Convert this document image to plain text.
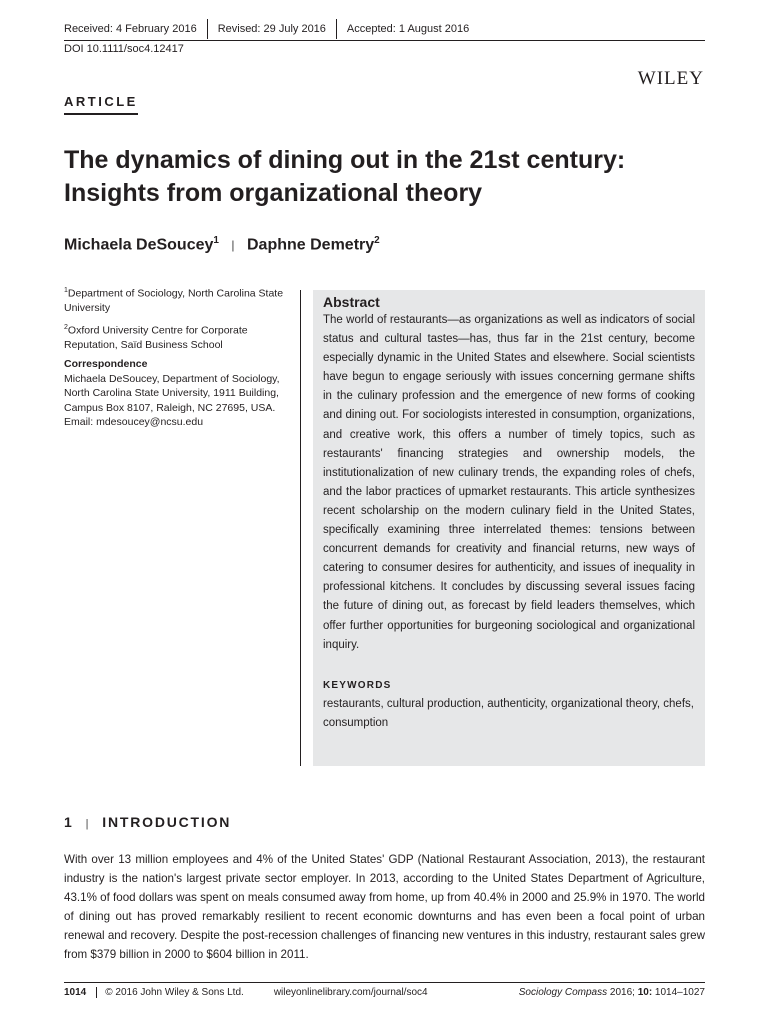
Received: 4 February 2016	Revised: 29 July 2016	Accepted: 1 August 2016
DOI 10.1111/soc4.12417
WILEY
ARTICLE
The dynamics of dining out in the 21st century:
Insights from organizational theory
Michaela DeSoucey$^1$ | Daphne Demetry$^2$

$^1$Department of Sociology, North Carolina State University

$^2$Oxford University Centre for Corporate Reputation, Saïd Business School

Correspondence

Michaela DeSoucey, Department of Sociology, North Carolina State University, 1911 Building, Campus Box 8107, Raleigh, NC 27695, USA.
Email: mdesoucey@ncsu.edu

Abstract

The world of restaurants—as organizations as well as indicators of social status and cultural tastes—has, thus far in the 21st century, become especially dynamic in the United States and elsewhere. Social scientists have begun to engage seriously with issues concerning germane shifts in the culinary profession and the emergence of new forms of cooking and dining out. For sociologists interested in consumption, organizations, and creative work, this offers a number of timely topics, such as restaurants' financing strategies and ownership models, the institutionalization of new culinary trends, the expanding roles of chefs, and the labor practices of upmarket restaurants. This article synthesizes recent scholarship on the modern culinary field in the United States, specifically examining three interrelated themes: tensions between concurrent demands for creativity and financial returns, new ways of catering to consumer desires for authenticity, and issues of inequality in professional kitchens. It concludes by discussing several issues facing the future of dining out, as forecast by field leaders themselves, which offer further opportunities for burgeoning sociological and organizational inquiry.

KEYWORDS

restaurants, cultural production, authenticity, organizational theory, chefs, consumption

1 | INTRODUCTION

With over 13 million employees and 4% of the United States' GDP (National Restaurant Association, 2013), the restaurant industry is the nation's largest private sector employer. In 2013, according to the United States Department of Agriculture, 43.1% of food dollars was spent on meals consumed away from home, up from 40.4% in 2000 and 25.9% in 1970. The world of dining out has proved remarkably resilient to recent economic downturns and has even been a focal point of urban renewal and recovery. Despite the post-recession challenges of financing new ventures in this industry, restaurant sales grew from $379 billion in 2000 to $604 billion in 2011.

1014	© 2016 John Wiley & Sons Ltd.	wileyonlinelibrary.com/journal/soc4	Sociology Compass 2016; 10: 1014–1027
